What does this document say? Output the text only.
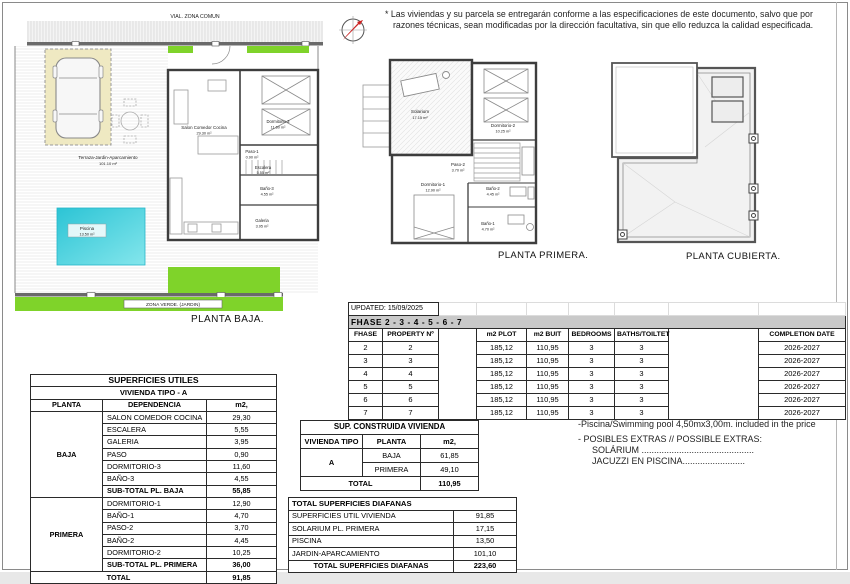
VIAL. ZONA COMUN
Terraza-Jardin-Aparcamiento
101.10 m²
Piscina
13.50 m²
Salon Comedor Cocina
29.30 m²
Dormitorio-3
11.60 m²
Paso-1
0.90 m²
Escalera
5.55 m²
Baño-3
4.55 m²
Galeria
3.95 m²
ZONA VERDE. (JARDIN)
PLANTA BAJA.
* Las viviendas y su parcela se entregarán conforme a las especificaciones de este documento, salvo que por
razones técnicas, sean modificadas por la dirección facultativa, sin que ello reduzca la calidad especificada.
Solarium
17.15 m²
Dormitorio-2
10.25 m²
Paso-2
3.70 m²
Dormitorio-1
12.90 m²	Baño-2
4.45 m²
Baño-1
4.70 m²
PLANTA PRIMERA.	PLANTA CUBIERTA.
UPDATED: 15/09/2025								
FHASE 2 - 3 - 4 - 5 - 6 - 7								
FHASE	PROPERTY Nº		m2 PLOT	m2 BUIT	BEDROOMS	BATHS/TOILTET		COMPLETION DATE
2	2		185,12	110,95	3	3		2026-2027
3	3		185,12	110,95	3	3		2026-2027
4	4		185,12	110,95	3	3		2026-2027
5	5		185,12	110,95	3	3		2026-2027
6	6		185,12	110,95	3	3		2026-2027
7	7		185,12	110,95	3	3		2026-2027
SUPERFICIES UTILES		
VIVIENDA TIPO - A		
PLANTA	DEPENDENCIA	m2,
BAJA	SALON COMEDOR COCINA	29,30
	ESCALERA	5,55
	GALERIA	3,95
	PASO	0,90
	DORMITORIO-3	11,60
	BAÑO-3	4,55
	SUB-TOTAL PL. BAJA	55,85
PRIMERA	DORMITORIO-1	12,90
	BAÑO-1	4,70
	PASO-2	3,70
	BAÑO-2	4,45
	DORMITORIO-2	10,25
	SUB-TOTAL PL. PRIMERA	36,00
TOTAL		91,85
SUP. CONSTRUIDA VIVIENDA		
VIVIENDA TIPO	PLANTA	m2,
A	BAJA	61,85
	PRIMERA	49,10
TOTAL		110,95
TOTAL SUPERFICIES DIAFANAS	
SUPERFICIES UTIL VIVIENDA	91,85
SOLARIUM PL. PRIMERA	17,15
PISCINA	13,50
JARDIN-APARCAMIENTO	101,10
TOTAL SUPERFICIES DIAFANAS	223,60
-Piscina/Swimming pool 4,50mx3,00m. included in the price
- POSIBLES EXTRAS // POSSIBLE EXTRAS:
SOLÁRIUM .............................................
JACUZZI EN PISCINA.........................
